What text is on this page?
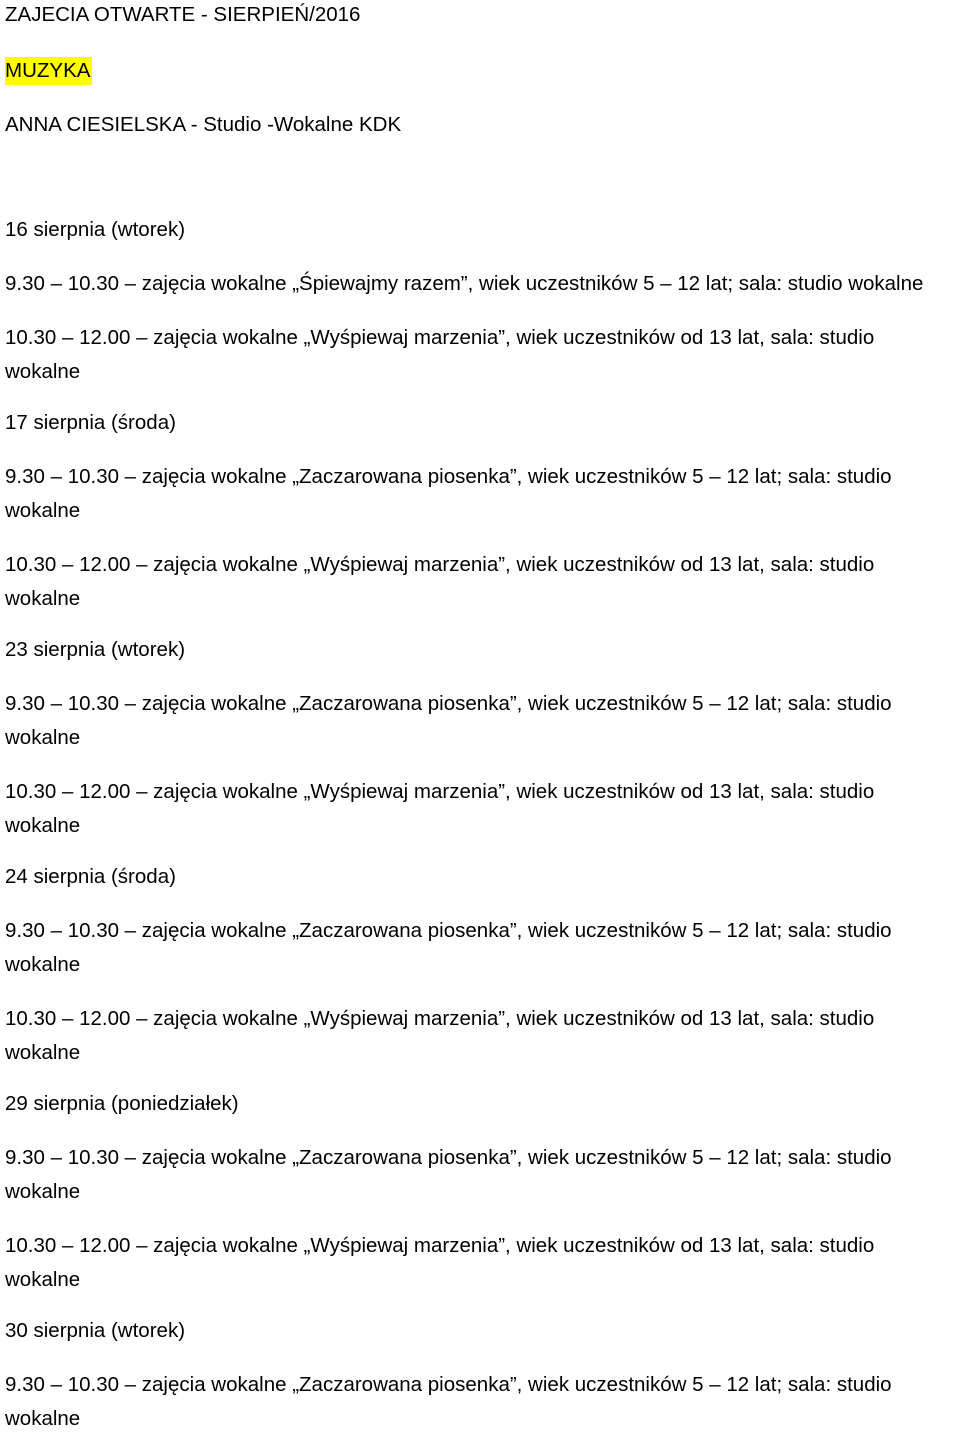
ZAJECIA OTWARTE - SIERPIEŃ/2016

MUZYKA

ANNA CIESIELSKA - Studio -Wokalne KDK

16 sierpnia (wtorek)

9.30 – 10.30 – zajęcia wokalne „Śpiewajmy razem”, wiek uczestników 5 – 12 lat; sala: studio wokalne
10.30 – 12.00 – zajęcia wokalne „Wyśpiewaj marzenia”, wiek uczestników od 13 lat, sala: studio
wokalne

17 sierpnia (środa)

9.30 – 10.30 – zajęcia wokalne „Zaczarowana piosenka”, wiek uczestników 5 – 12 lat; sala: studio
wokalne
10.30 – 12.00 – zajęcia wokalne „Wyśpiewaj marzenia”, wiek uczestników od 13 lat, sala: studio
wokalne

23 sierpnia (wtorek)

9.30 – 10.30 – zajęcia wokalne „Zaczarowana piosenka”, wiek uczestników 5 – 12 lat; sala: studio
wokalne
10.30 – 12.00 – zajęcia wokalne „Wyśpiewaj marzenia”, wiek uczestników od 13 lat, sala: studio
wokalne

24 sierpnia (środa)

9.30 – 10.30 – zajęcia wokalne „Zaczarowana piosenka”, wiek uczestników 5 – 12 lat; sala: studio
wokalne
10.30 – 12.00 – zajęcia wokalne „Wyśpiewaj marzenia”, wiek uczestników od 13 lat, sala: studio
wokalne

29 sierpnia (poniedziałek)

9.30 – 10.30 – zajęcia wokalne „Zaczarowana piosenka”, wiek uczestników 5 – 12 lat; sala: studio
wokalne
10.30 – 12.00 – zajęcia wokalne „Wyśpiewaj marzenia”, wiek uczestników od 13 lat, sala: studio
wokalne

30 sierpnia (wtorek)

9.30 – 10.30 – zajęcia wokalne „Zaczarowana piosenka”, wiek uczestników 5 – 12 lat; sala: studio
wokalne
